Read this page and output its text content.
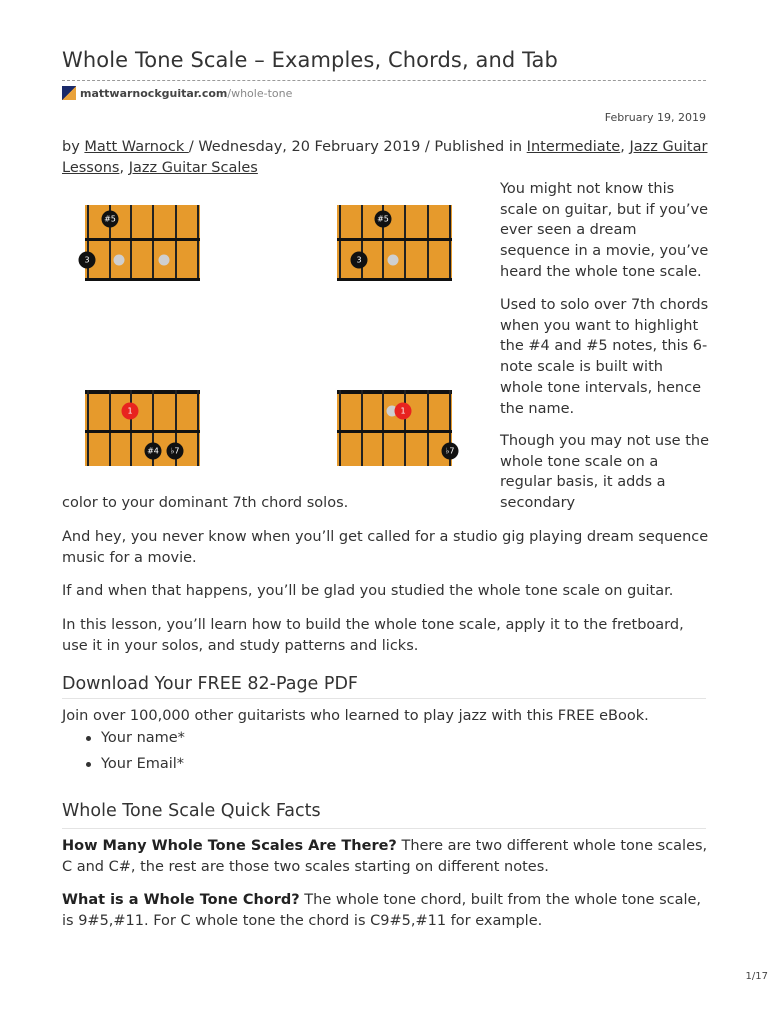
Whole Tone Scale – Examples, Chords, and Tab
mattwarnockguitar.com /whole-tone
February 19, 2019
by Matt Warnock / Wednesday, 20 February 2019 / Published in Intermediate, Jazz Guitar Lessons, Jazz Guitar Scales
#5
3
#5
3
1
#4	♭7
1
♭7
You might not know this scale on guitar, but if you’ve ever seen a dream sequence in a movie, you’ve heard the whole tone scale.
Used to solo over 7th chords when you want to highlight the #4 and #5 notes, this 6-note scale is built with whole tone intervals, hence the name.
Though you may not use the whole tone scale on a regular basis, it adds a secondary
color to your dominant 7th chord solos.
And hey, you never know when you’ll get called for a studio gig playing dream sequence music for a movie.
If and when that happens, you’ll be glad you studied the whole tone scale on guitar.
In this lesson, you’ll learn how to build the whole tone scale, apply it to the fretboard, use it in your solos, and study patterns and licks.
Download Your FREE 82-Page PDF
Join over 100,000 other guitarists who learned to play jazz with this FREE eBook.
Your name*
Your Email*
Whole Tone Scale Quick Facts
How Many Whole Tone Scales Are There? There are two different whole tone scales, C and C#, the rest are those two scales starting on different notes.
What is a Whole Tone Chord? The whole tone chord, built from the whole tone scale, is 9#5,#11. For C whole tone the chord is C9#5,#11 for example.
1/17
